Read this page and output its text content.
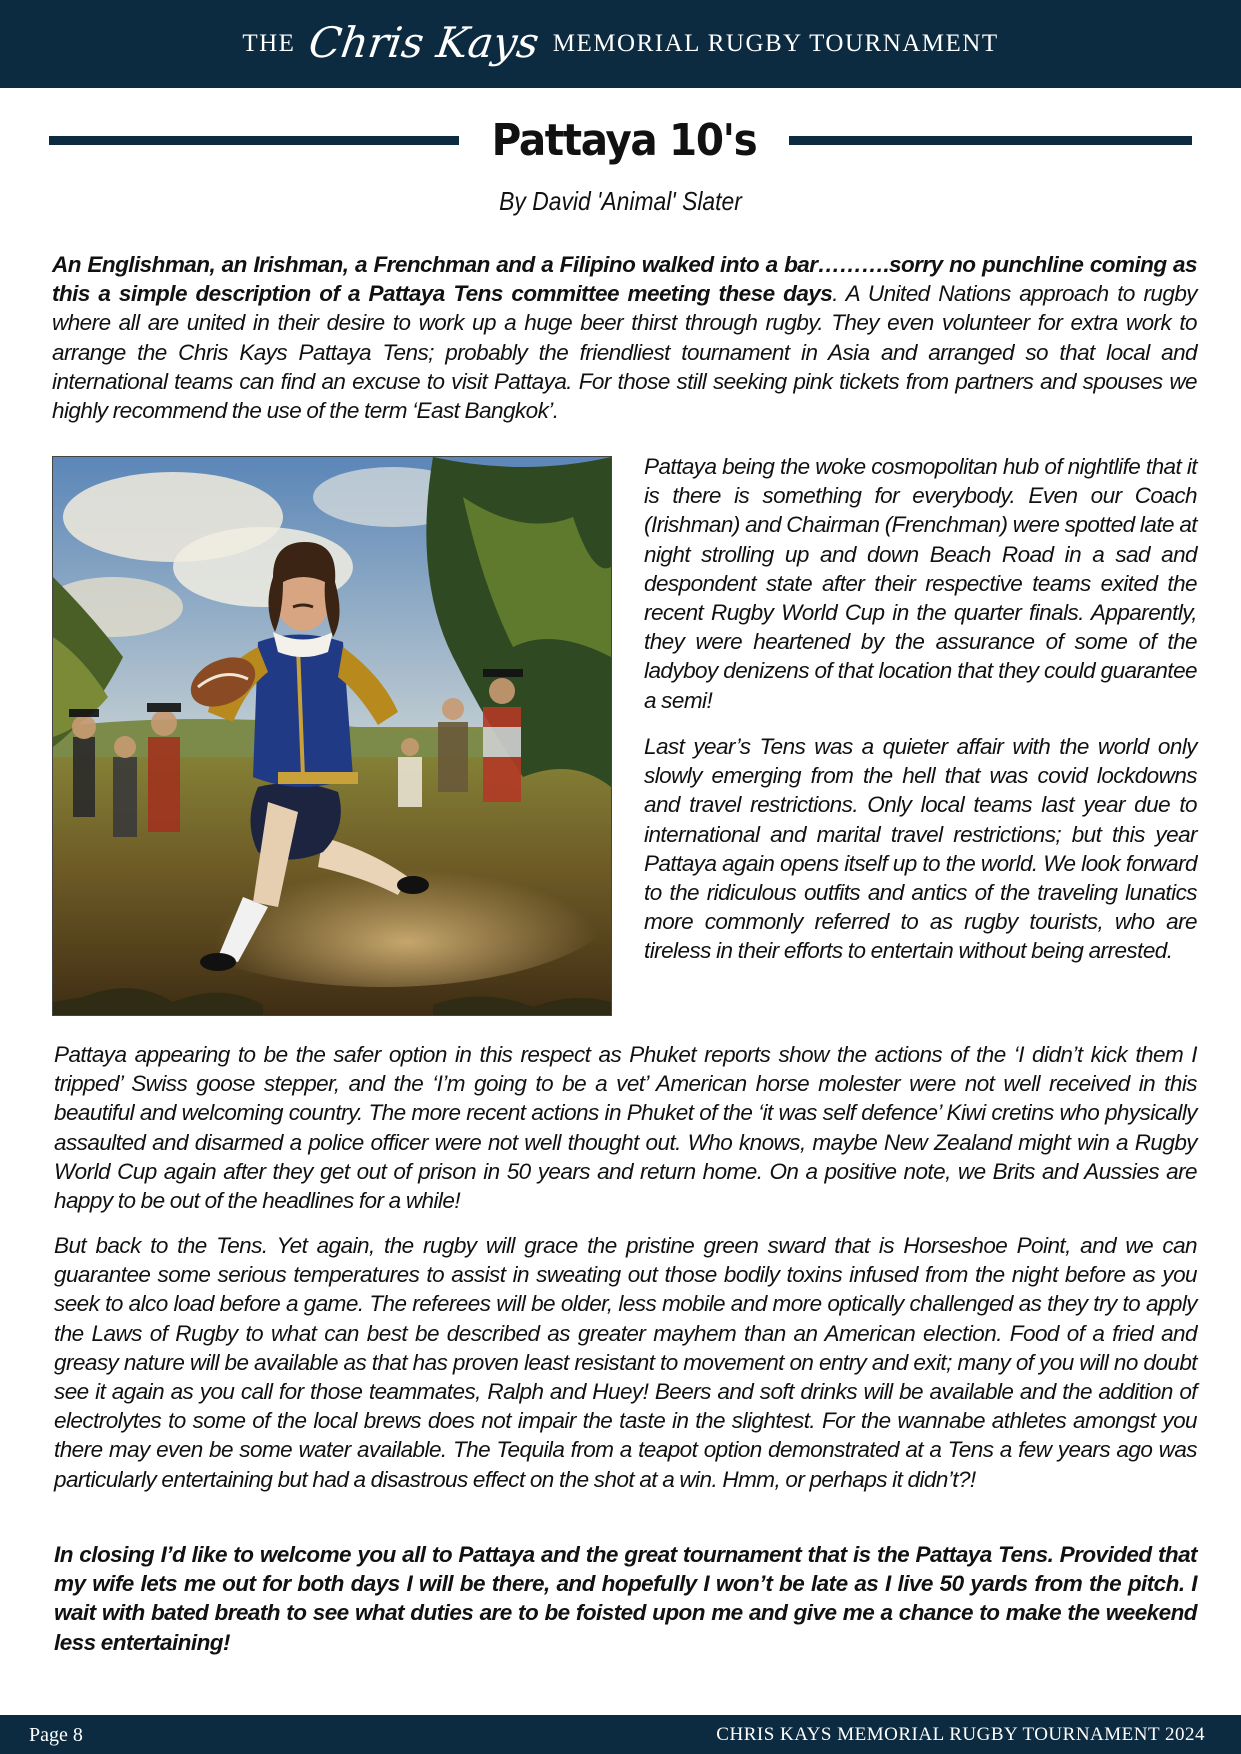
THE Chris Kays MEMORIAL RUGBY TOURNAMENT
Pattaya 10's
By David 'Animal' Slater

An Englishman, an Irishman, a Frenchman and a Filipino walked into a bar……….sorry no punchline coming as this a simple description of a Pattaya Tens committee meeting these days. A United Nations approach to rugby where all are united in their desire to work up a huge beer thirst through rugby. They even volunteer for extra work to arrange the Chris Kays Pattaya Tens; probably the friendliest tournament in Asia and arranged so that local and international teams can find an excuse to visit Pattaya. For those still seeking pink tickets from partners and spouses we highly recommend the use of the term ‘East Bangkok’.

Pattaya being the woke cosmopolitan hub of nightlife that it is there is something for everybody. Even our Coach (Irishman) and Chairman (Frenchman) were spotted late at night strolling up and down Beach Road in a sad and despondent state after their respective teams exited the recent Rugby World Cup in the quarter finals. Apparently, they were heartened by the assurance of some of the ladyboy denizens of that location that they could guarantee a semi!

Last year’s Tens was a quieter affair with the world only slowly emerging from the hell that was covid lockdowns and travel restrictions. Only local teams last year due to international and marital travel restrictions; but this year Pattaya again opens itself up to the world. We look forward to the ridiculous outfits and antics of the traveling lunatics more commonly referred to as rugby tourists, who are tireless in their efforts to entertain without being arrested.

Pattaya appearing to be the safer option in this respect as Phuket reports show the actions of the ‘I didn’t kick them I tripped’ Swiss goose stepper, and the ‘I’m going to be a vet’ American horse molester were not well received in this beautiful and welcoming country. The more recent actions in Phuket of the ‘it was self defence’ Kiwi cretins who physically assaulted and disarmed a police officer were not well thought out. Who knows, maybe New Zealand might win a Rugby World Cup again after they get out of prison in 50 years and return home. On a positive note, we Brits and Aussies are happy to be out of the headlines for a while!

But back to the Tens. Yet again, the rugby will grace the pristine green sward that is Horseshoe Point, and we can guarantee some serious temperatures to assist in sweating out those bodily toxins infused from the night before as you seek to alco load before a game. The referees will be older, less mobile and more optically challenged as they try to apply the Laws of Rugby to what can best be described as greater mayhem than an American election. Food of a fried and greasy nature will be available as that has proven least resistant to movement on entry and exit; many of you will no doubt see it again as you call for those teammates, Ralph and Huey! Beers and soft drinks will be available and the addition of electrolytes to some of the local brews does not impair the taste in the slightest. For the wannabe athletes amongst you there may even be some water available. The Tequila from a teapot option demonstrated at a Tens a few years ago was particularly entertaining but had a disastrous effect on the shot at a win. Hmm, or perhaps it didn’t?!

In closing I’d like to welcome you all to Pattaya and the great tournament that is the Pattaya Tens. Provided that my wife lets me out for both days I will be there, and hopefully I won’t be late as I live 50 yards from the pitch. I wait with bated breath to see what duties are to be foisted upon me and give me a chance to make the weekend less entertaining!

Page 8	CHRIS KAYS MEMORIAL RUGBY TOURNAMENT 2024
